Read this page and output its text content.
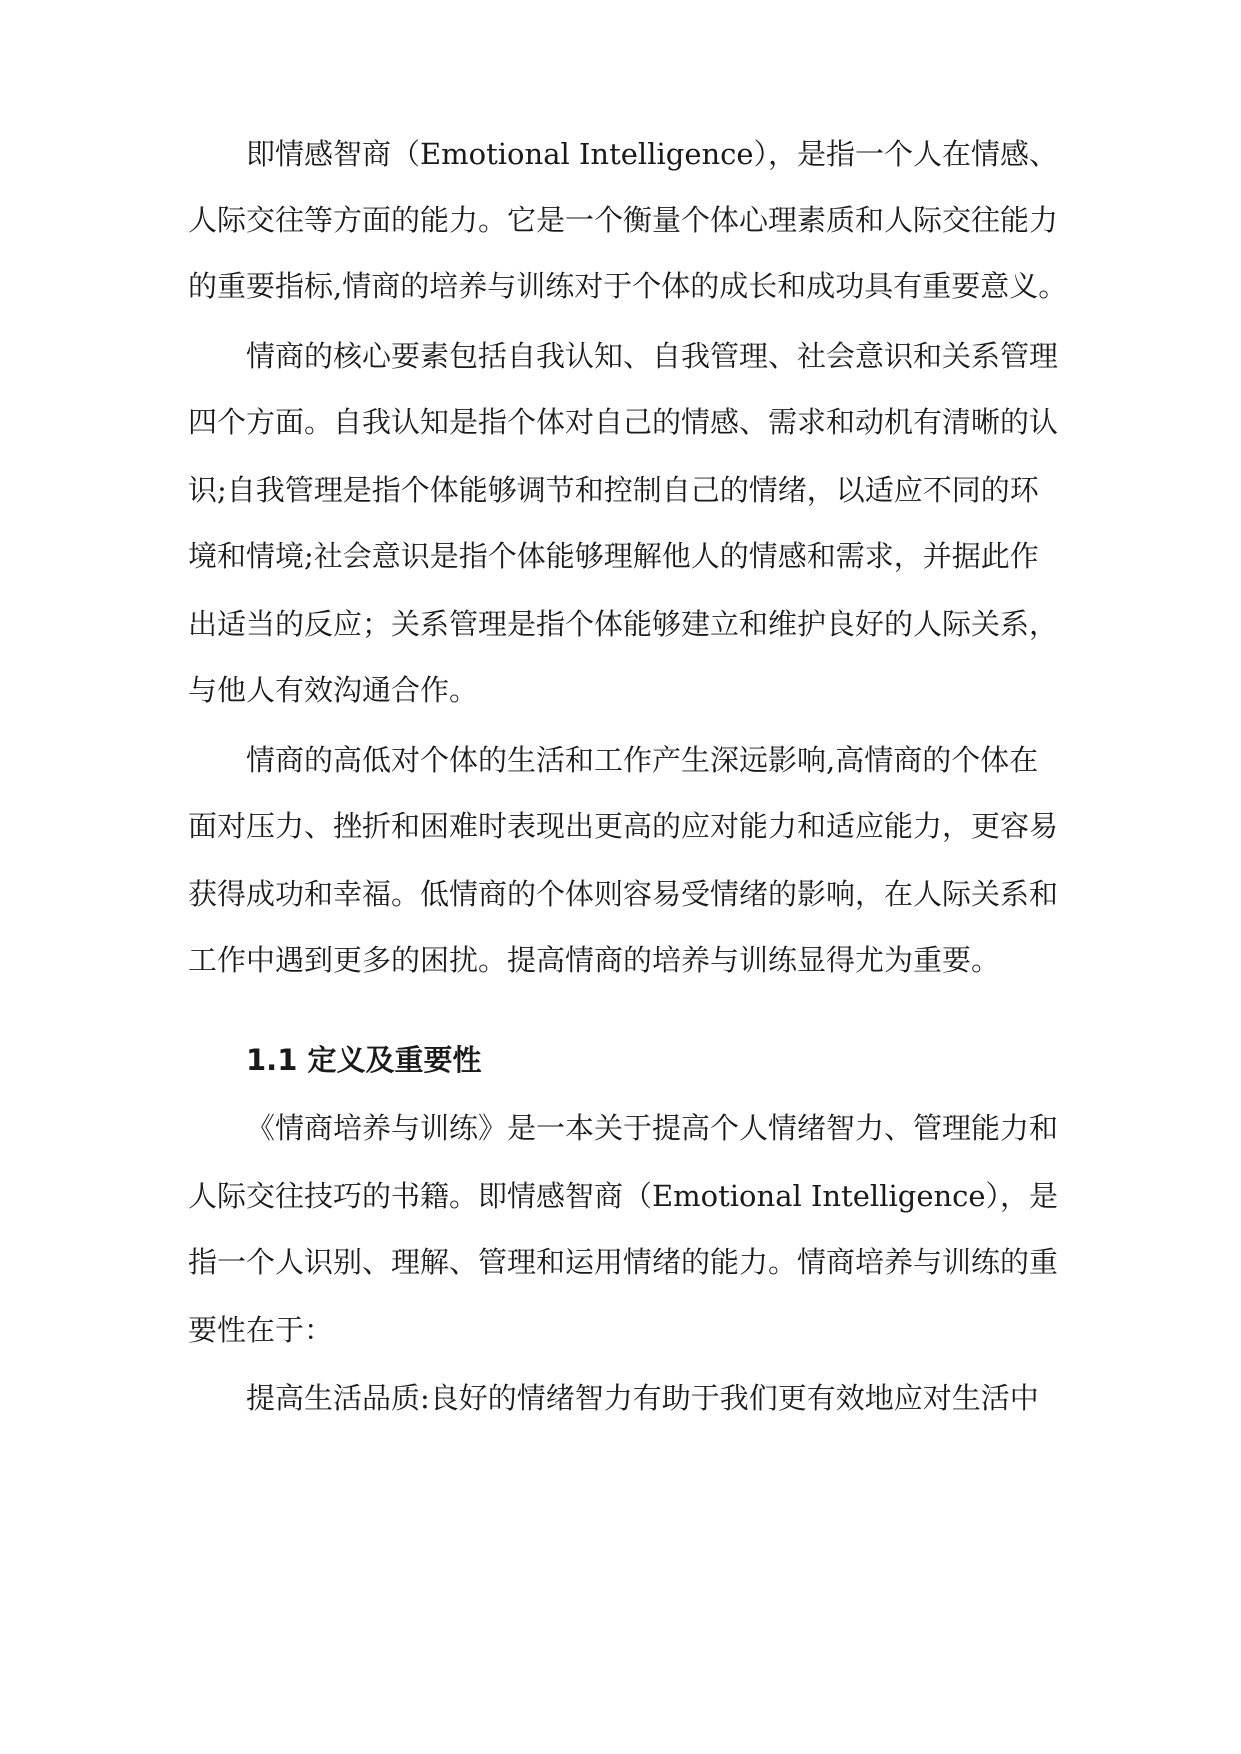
即情感智商（Emotional Intelligence），是指一个人在情感、
人际交往等方面的能力。它是一个衡量个体心理素质和人际交往能力
的重要指标,情商的培养与训练对于个体的成长和成功具有重要意义。
情商的核心要素包括自我认知、自我管理、社会意识和关系管理
四个方面。自我认知是指个体对自己的情感、需求和动机有清晰的认
识;自我管理是指个体能够调节和控制自己的情绪，以适应不同的环
境和情境;社会意识是指个体能够理解他人的情感和需求，并据此作
出适当的反应；关系管理是指个体能够建立和维护良好的人际关系，
与他人有效沟通合作。
情商的高低对个体的生活和工作产生深远影响,高情商的个体在
面对压力、挫折和困难时表现出更高的应对能力和适应能力，更容易
获得成功和幸福。低情商的个体则容易受情绪的影响，在人际关系和
工作中遇到更多的困扰。提高情商的培养与训练显得尤为重要。
1.1 定义及重要性
《情商培养与训练》是一本关于提高个人情绪智力、管理能力和
人际交往技巧的书籍。即情感智商（Emotional Intelligence），是
指一个人识别、理解、管理和运用情绪的能力。情商培养与训练的重
要性在于：
提高生活品质:良好的情绪智力有助于我们更有效地应对生活中
